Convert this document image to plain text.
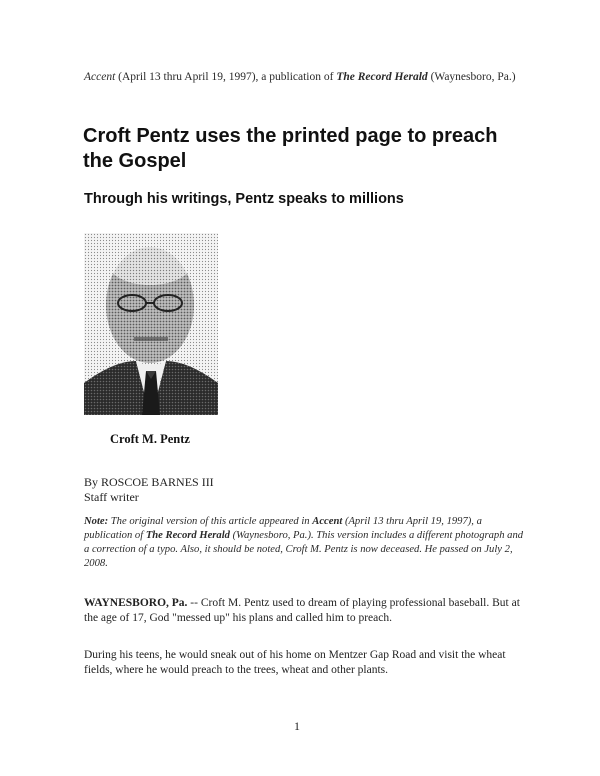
Accent (April 13 thru April 19, 1997), a publication of The Record Herald (Waynesboro, Pa.)
Croft Pentz uses the printed page to preach the Gospel
Through his writings, Pentz speaks to millions
Croft M. Pentz
By ROSCOE BARNES III
Staff writer
Note: The original version of this article appeared in Accent (April 13 thru April 19, 1997), a publication of The Record Herald (Waynesboro, Pa.). This version includes a different photograph and a correction of a typo. Also, it should be noted, Croft M. Pentz is now deceased. He passed on July 2, 2008.
WAYNESBORO, Pa. -- Croft M. Pentz used to dream of playing professional baseball. But at the age of 17, God "messed up" his plans and called him to preach.
During his teens, he would sneak out of his home on Mentzer Gap Road and visit the wheat fields, where he would preach to the trees, wheat and other plants.
1
